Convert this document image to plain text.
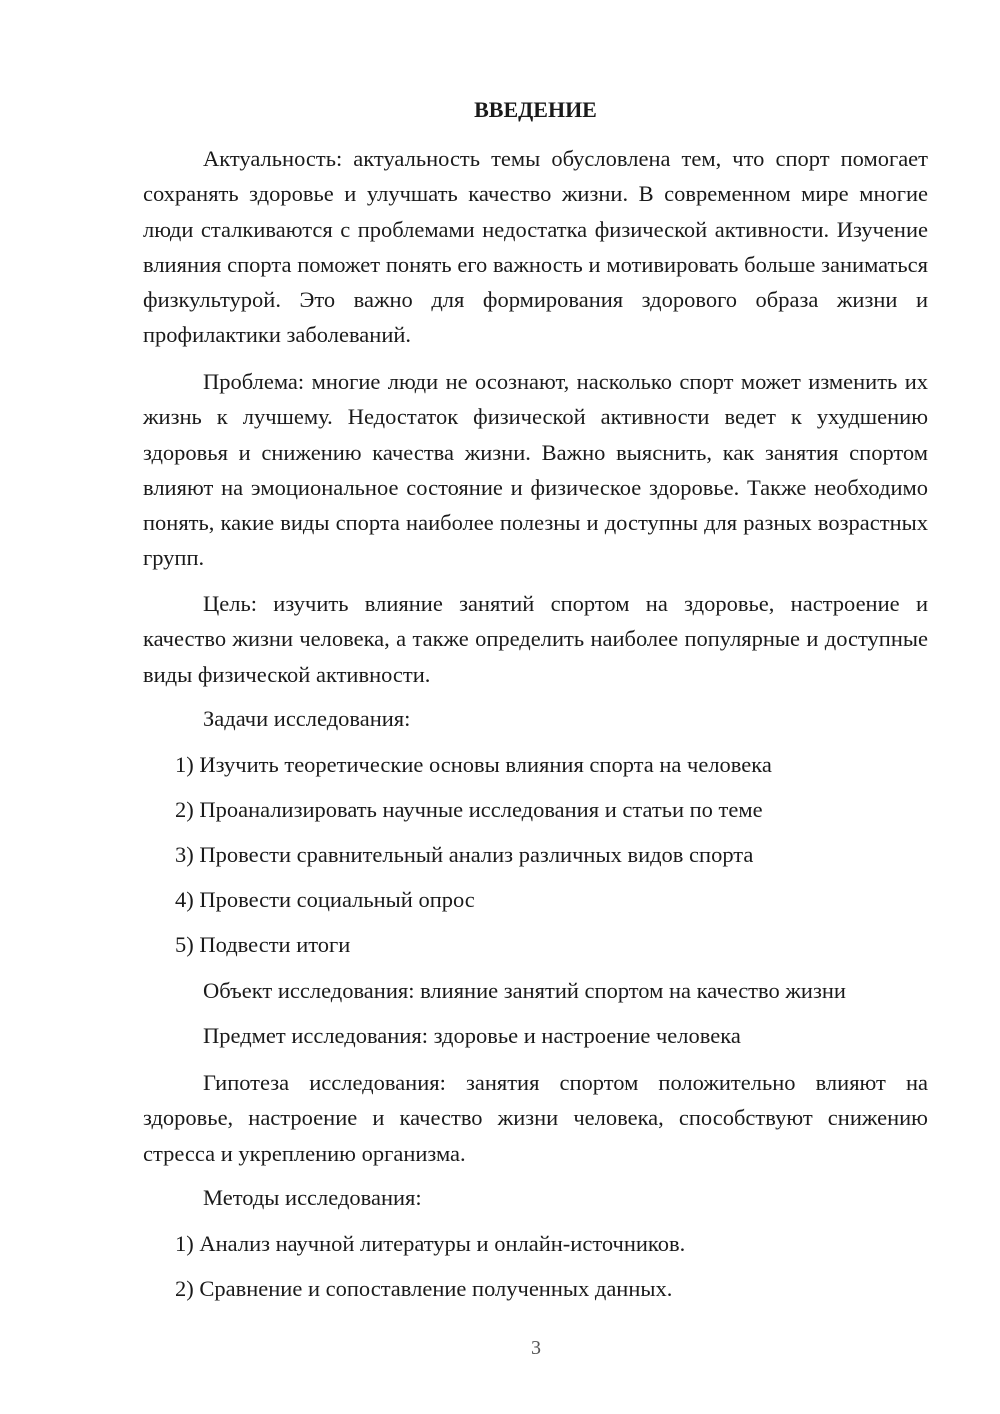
ВВЕДЕНИЕ

Актуальность: актуальность темы обусловлена тем, что спорт помогает сохранять здоровье и улучшать качество жизни. В современном мире многие люди сталкиваются с проблемами недостатка физической активности. Изучение влияния спорта поможет понять его важность и мотивировать больше заниматься физкультурой. Это важно для формирования здорового образа жизни и профилактики заболеваний.

Проблема: многие люди не осознают, насколько спорт может изменить их жизнь к лучшему. Недостаток физической активности ведет к ухудшению здоровья и снижению качества жизни. Важно выяснить, как занятия спортом влияют на эмоциональное состояние и физическое здоровье. Также необходимо понять, какие виды спорта наиболее полезны и доступны для разных возрастных групп.

Цель: изучить влияние занятий спортом на здоровье, настроение и качество жизни человека, а также определить наиболее популярные и доступные виды физической активности.

Задачи исследования:

1) Изучить теоретические основы влияния спорта на человека

2) Проанализировать научные исследования и статьи по теме

3) Провести сравнительный анализ различных видов спорта

4) Провести социальный опрос

5) Подвести итоги

Объект исследования: влияние занятий спортом на качество жизни

Предмет исследования: здоровье и настроение человека

Гипотеза исследования: занятия спортом положительно влияют на здоровье, настроение и качество жизни человека, способствуют снижению стресса и укреплению организма.

Методы исследования:

1) Анализ научной литературы и онлайн-источников.

2) Сравнение и сопоставление полученных данных.

3
